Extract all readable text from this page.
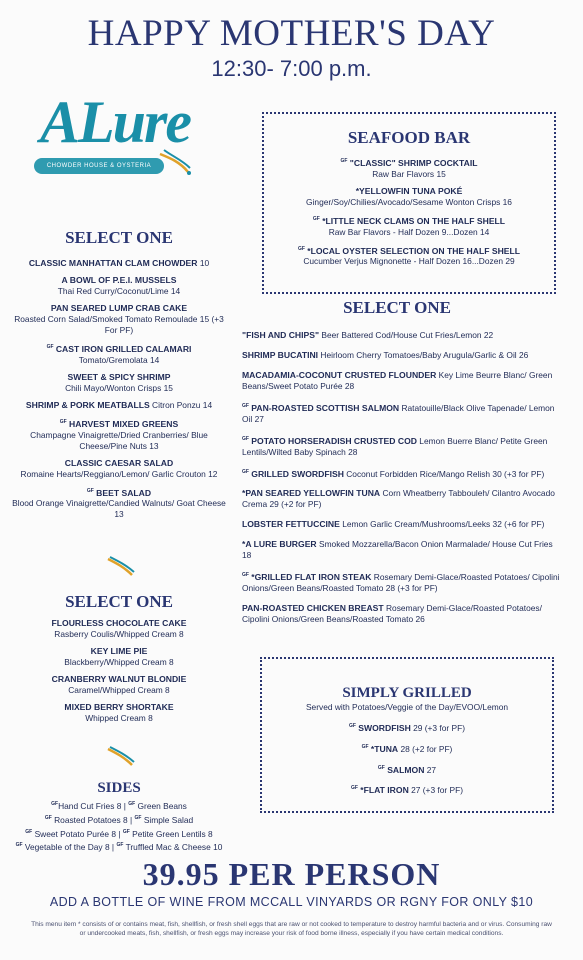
HAPPY MOTHER'S DAY
12:30- 7:00 p.m.
ALure
CHOWDER HOUSE & OYSTERIA
SELECT ONE
CLASSIC MANHATTAN CLAM CHOWDER 10
A BOWL OF P.E.I. MUSSELS
Thai Red Curry/Coconut/Lime 14
PAN SEARED LUMP CRAB CAKE
Roasted Corn Salad/Smoked Tomato Remoulade 15 (+3 For PF)
$^{GF}$ CAST IRON GRILLED CALAMARI
Tomato/Gremolata 14
SWEET & SPICY SHRIMP
Chili Mayo/Wonton Crisps 15
SHRIMP & PORK MEATBALLS Citron Ponzu 14
$^{GF}$ HARVEST MIXED GREENS
Champagne Vinaigrette/Dried Cranberries/ Blue Cheese/Pine Nuts 13
CLASSIC CAESAR SALAD
Romaine Hearts/Reggiano/Lemon/ Garlic Crouton 12
$^{GF}$ BEET SALAD
Blood Orange Vinaigrette/Candied Walnuts/ Goat Cheese 13
SELECT ONE
FLOURLESS CHOCOLATE CAKE
Rasberry Coulis/Whipped Cream 8
KEY LIME PIE
Blackberry/Whipped Cream 8
CRANBERRY WALNUT BLONDIE
Caramel/Whipped Cream 8
MIXED BERRY SHORTAKE
Whipped Cream 8
SIDES
$^{GF}$Hand Cut Fries 8 | $^{GF}$ Green Beans
$^{GF}$ Roasted Potatoes 8 | $^{GF}$ Simple Salad
$^{GF}$ Sweet Potato Purée 8 | $^{GF}$ Petite Green Lentils 8
$^{GF}$ Vegetable of the Day 8 | $^{GF}$ Truffled Mac & Cheese 10
SEAFOOD BAR
$^{GF}$ "CLASSIC" SHRIMP COCKTAIL
Raw Bar Flavors 15
*YELLOWFIN TUNA POKÉ
Ginger/Soy/Chilies/Avocado/Sesame Wonton Crisps 16
$^{GF}$ *LITTLE NECK CLAMS ON THE HALF SHELL
Raw Bar Flavors - Half Dozen 9...Dozen 14
$^{GF}$ *LOCAL OYSTER SELECTION ON THE HALF SHELL
Cucumber Verjus Mignonette - Half Dozen 16...Dozen 29
SELECT ONE
"FISH AND CHIPS" Beer Battered Cod/House Cut Fries/Lemon 22
SHRIMP BUCATINI Heirloom Cherry Tomatoes/Baby Arugula/Garlic & Oil 26
MACADAMIA-COCONUT CRUSTED FLOUNDER Key Lime Beurre Blanc/ Green Beans/Sweet Potato Purée 28
$^{GF}$ PAN-ROASTED SCOTTISH SALMON Ratatouille/Black Olive Tapenade/ Lemon Oil 27
$^{GF}$ POTATO HORSERADISH CRUSTED COD Lemon Buerre Blanc/ Petite Green Lentils/Wilted Baby Spinach 28
$^{GF}$ GRILLED SWORDFISH Coconut Forbidden Rice/Mango Relish 30 (+3 for PF)
*PAN SEARED YELLOWFIN TUNA Corn Wheatberry Tabbouleh/ Cilantro Avocado Crema 29 (+2 for PF)
LOBSTER FETTUCCINE Lemon Garlic Cream/Mushrooms/Leeks 32 (+6 for PF)
*A LURE BURGER Smoked Mozzarella/Bacon Onion Marmalade/ House Cut Fries 18
$^{GF}$ *GRILLED FLAT IRON STEAK Rosemary Demi-Glace/Roasted Potatoes/ Cipolini Onions/Green Beans/Roasted Tomato 28 (+3 for PF)
PAN-ROASTED CHICKEN BREAST Rosemary Demi-Glace/Roasted Potatoes/ Cipolini Onions/Green Beans/Roasted Tomato 26
SIMPLY GRILLED
Served with Potatoes/Veggie of the Day/EVOO/Lemon
$^{GF}$ SWORDFISH 29 (+3 for PF)
$^{GF}$ *TUNA 28 (+2 for PF)
$^{GF}$ SALMON 27
$^{GF}$ *FLAT IRON 27 (+3 for PF)
39.95 PER PERSON
ADD A BOTTLE OF WINE FROM MCCALL VINYARDS OR RGNY FOR ONLY $10
This menu item * consists of or contains meat, fish, shellfish, or fresh shell eggs that are raw or not cooked to temperature to destroy harmful bacteria and or virus. Consuming raw or undercooked meats, fish, shellfish, or fresh eggs may increase your risk of food borne illness, especially if you have certain medical conditions.
